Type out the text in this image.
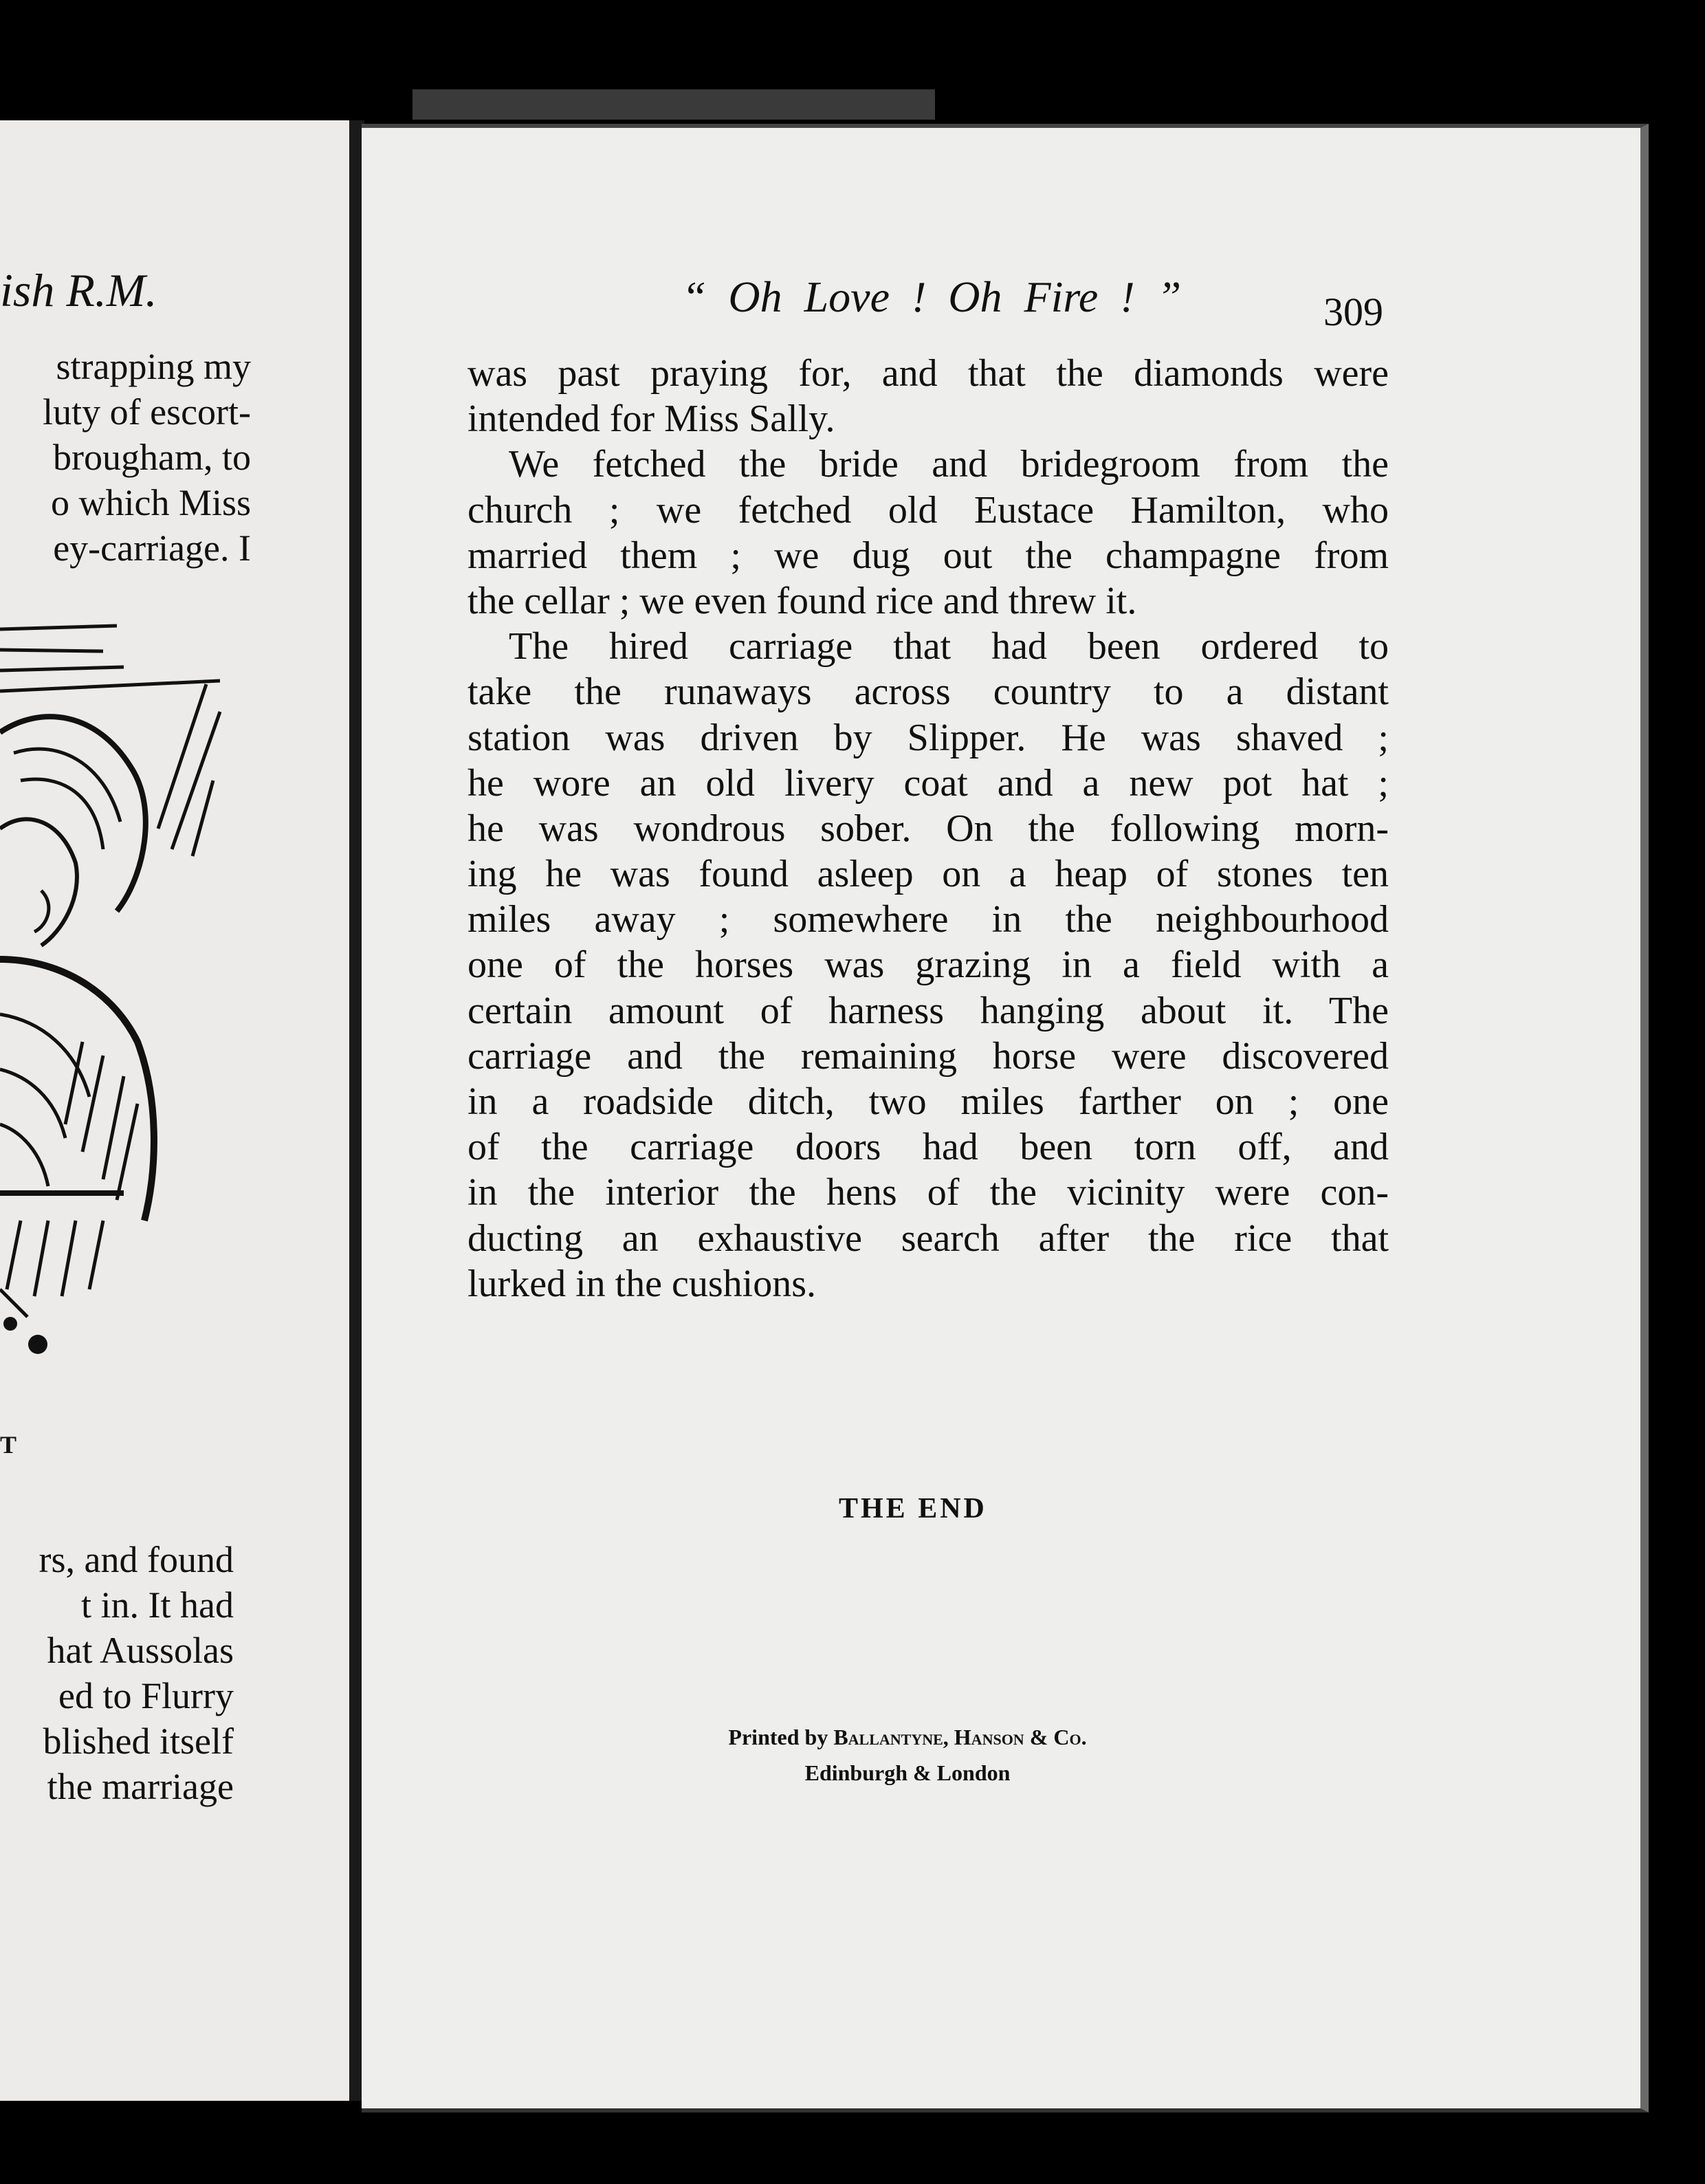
ish R.M.
strapping my
luty of escort-
brougham, to
o which Miss
ey-carriage. I
T
rs, and found
t in. It had
hat Aussolas
ed to Flurry
blished itself
the marriage
“ Oh Love ! Oh Fire ! ”	309
was past praying for, and that the diamonds were
intended for Miss Sally.
We fetched the bride and bridegroom from the
church ; we fetched old Eustace Hamilton, who
married them ; we dug out the champagne from
the cellar ; we even found rice and threw it.
The hired carriage that had been ordered to
take the runaways across country to a distant
station was driven by Slipper. He was shaved ;
he wore an old livery coat and a new pot hat ;
he was wondrous sober. On the following morn-
ing he was found asleep on a heap of stones ten
miles away ; somewhere in the neighbourhood
one of the horses was grazing in a field with a
certain amount of harness hanging about it. The
carriage and the remaining horse were discovered
in a roadside ditch, two miles farther on ; one
of the carriage doors had been torn off, and
in the interior the hens of the vicinity were con-
ducting an exhaustive search after the rice that
lurked in the cushions.
THE END
Printed by Ballantyne, Hanson & Co.
Edinburgh & London
